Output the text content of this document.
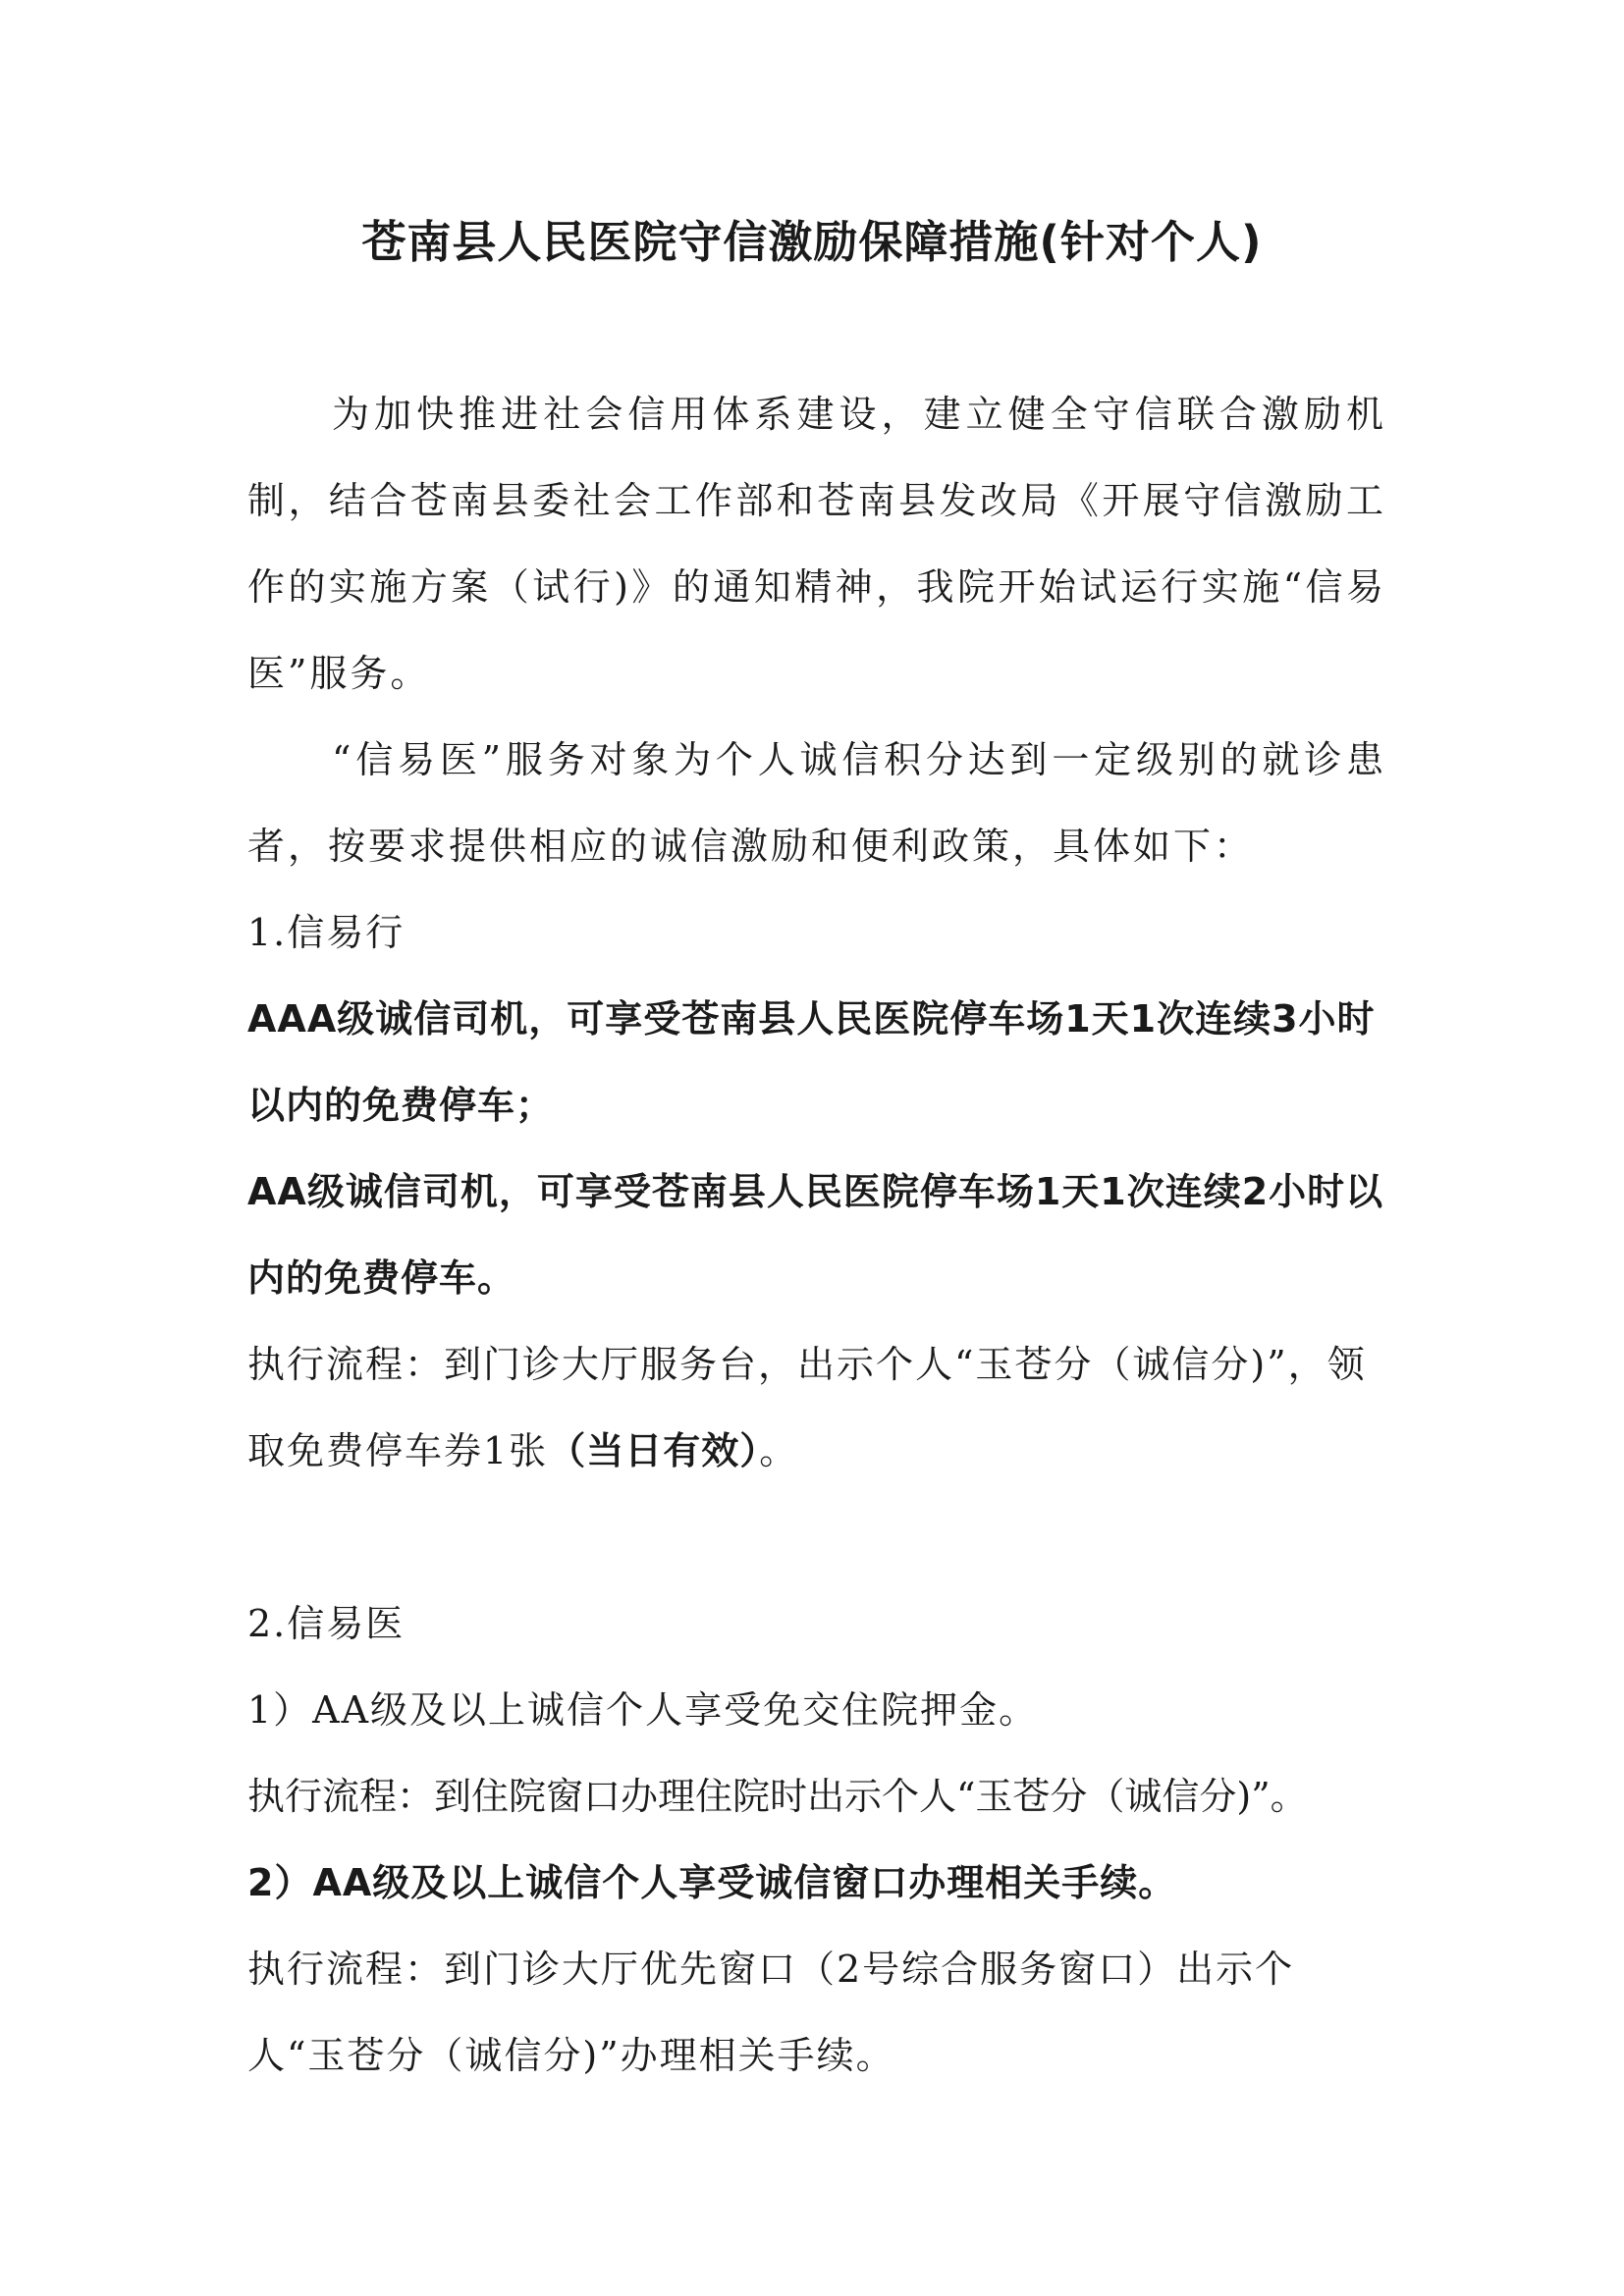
苍南县人民医院守信激励保障措施(针对个人)

为加快推进社会信用体系建设，建立健全守信联合激励机制，结合苍南县委社会工作部和苍南县发改局《开展守信激励工作的实施方案（试行)》的通知精神，我院开始试运行实施“信易医”服务。

“信易医”服务对象为个人诚信积分达到一定级别的就诊患者，按要求提供相应的诚信激励和便利政策，具体如下：

1.信易行

AAA级诚信司机，可享受苍南县人民医院停车场1天1次连续3小时以内的免费停车；

AA级诚信司机，可享受苍南县人民医院停车场1天1次连续2小时以内的免费停车。

执行流程：到门诊大厅服务台，出示个人“玉苍分（诚信分)”，领取免费停车券1张（当日有效）。

2.信易医

1）AA级及以上诚信个人享受免交住院押金。

执行流程：到住院窗口办理住院时出示个人“玉苍分（诚信分)”。

2）AA级及以上诚信个人享受诚信窗口办理相关手续。

执行流程：到门诊大厅优先窗口（2号综合服务窗口）出示个人“玉苍分（诚信分)”办理相关手续。
